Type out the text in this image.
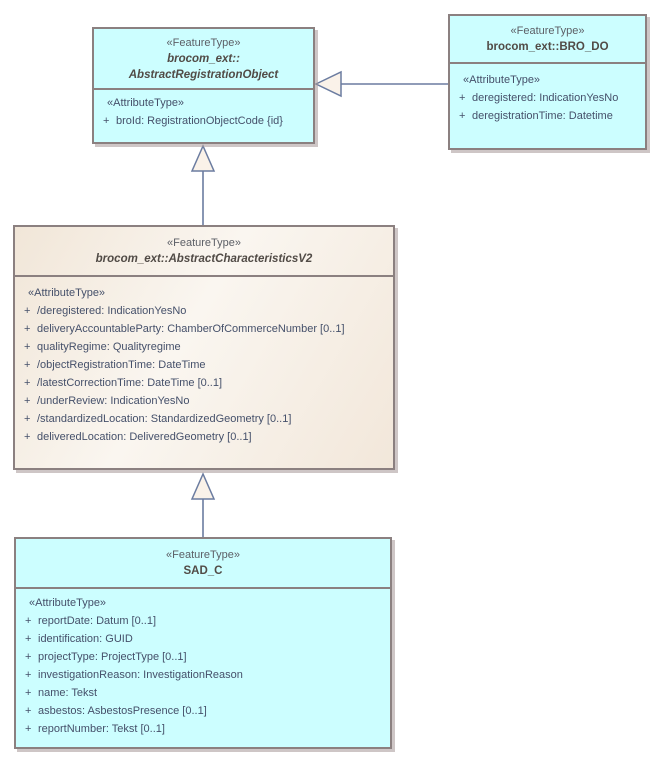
«FeatureType»
brocom_ext::
AbstractRegistrationObject
«AttributeType»
+ broId: RegistrationObjectCode {id}
«FeatureType»
brocom_ext::BRO_DO
«AttributeType»
+ deregistered: IndicationYesNo
+ deregistrationTime: Datetime
«FeatureType»
brocom_ext::AbstractCharacteristicsV2
«AttributeType»
+ /deregistered: IndicationYesNo
+ deliveryAccountableParty: ChamberOfCommerceNumber [0..1]
+ qualityRegime: Qualityregime
+ /objectRegistrationTime: DateTime
+ /latestCorrectionTime: DateTime [0..1]
+ /underReview: IndicationYesNo
+ /standardizedLocation: StandardizedGeometry [0..1]
+ deliveredLocation: DeliveredGeometry [0..1]
«FeatureType»
SAD_C
«AttributeType»
+ reportDate: Datum [0..1]
+ identification: GUID
+ projectType: ProjectType [0..1]
+ investigationReason: InvestigationReason
+ name: Tekst
+ asbestos: AsbestosPresence [0..1]
+ reportNumber: Tekst [0..1]
